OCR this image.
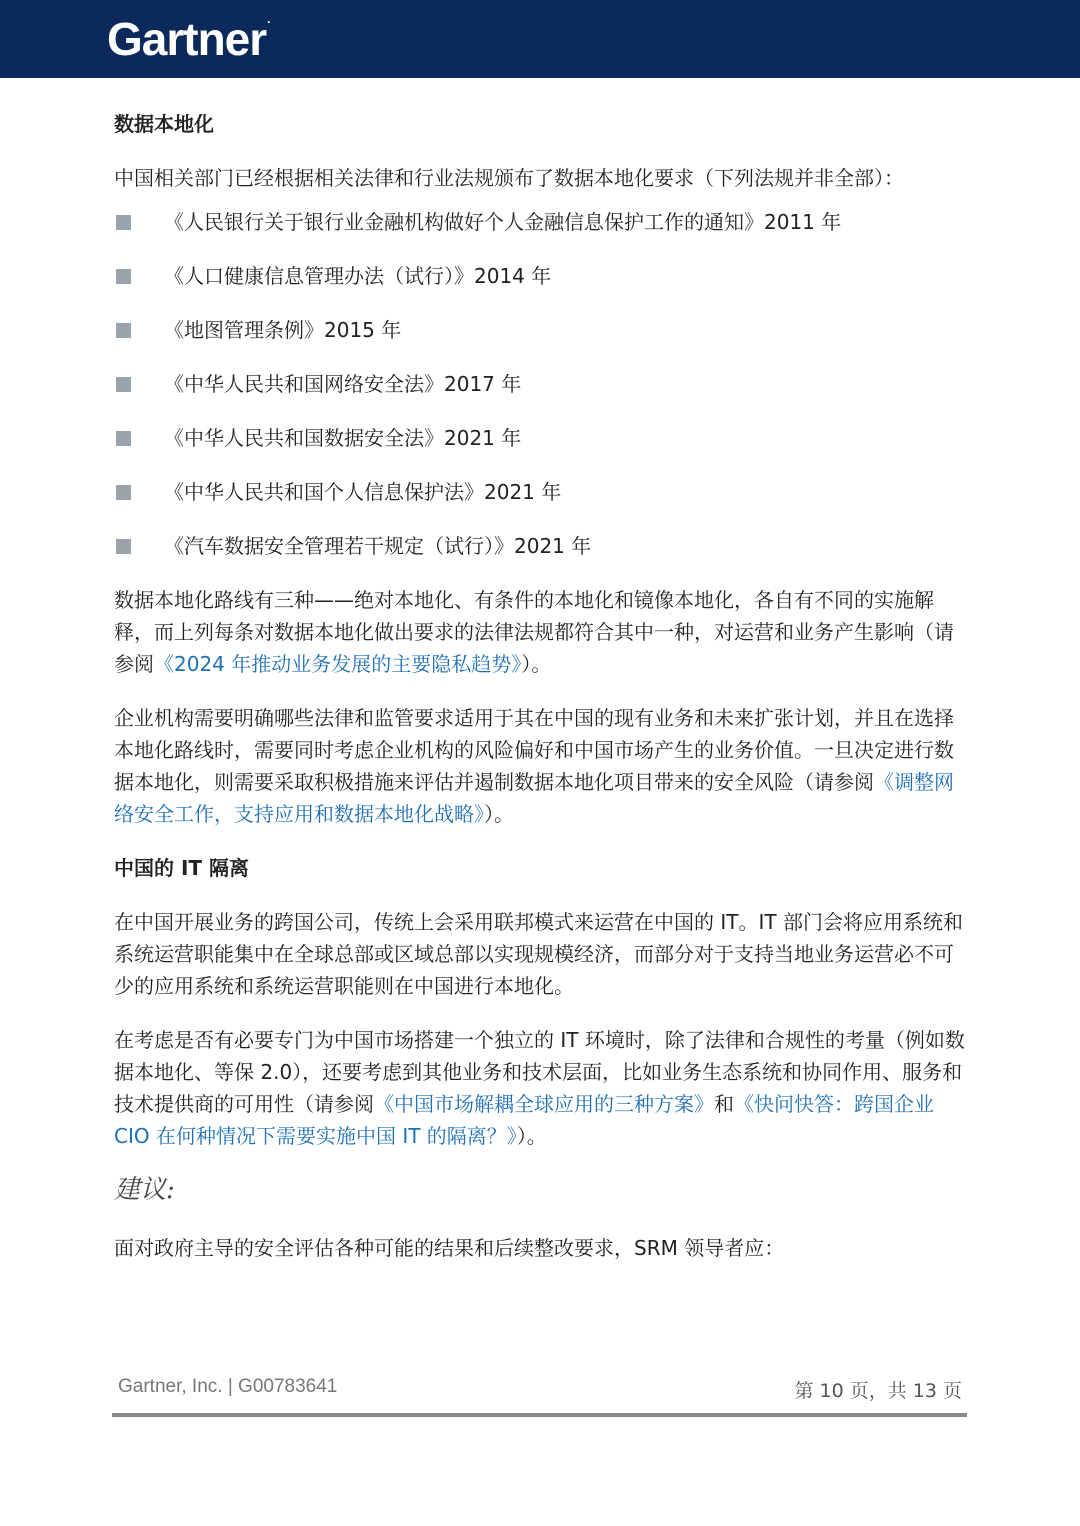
Gartner.
数据本地化

中国相关部门已经根据相关法律和行业法规颁布了数据本地化要求（下列法规并非全部）：

《人民银行关于银行业金融机构做好个人金融信息保护工作的通知》2011 年
《人口健康信息管理办法（试行）》2014 年
《地图管理条例》2015 年
《中华人民共和国网络安全法》2017 年
《中华人民共和国数据安全法》2021 年
《中华人民共和国个人信息保护法》2021 年
《汽车数据安全管理若干规定（试行）》2021 年

数据本地化路线有三种——绝对本地化、有条件的本地化和镜像本地化，各自有不同的实施解释，而上列每条对数据本地化做出要求的法律法规都符合其中一种，对运营和业务产生影响（请参阅《2024 年推动业务发展的主要隐私趋势》）。

企业机构需要明确哪些法律和监管要求适用于其在中国的现有业务和未来扩张计划，并且在选择本地化路线时，需要同时考虑企业机构的风险偏好和中国市场产生的业务价值。一旦决定进行数据本地化，则需要采取积极措施来评估并遏制数据本地化项目带来的安全风险（请参阅《调整网络安全工作，支持应用和数据本地化战略》）。

中国的 IT 隔离

在中国开展业务的跨国公司，传统上会采用联邦模式来运营在中国的 IT。IT 部门会将应用系统和系统运营职能集中在全球总部或区域总部以实现规模经济，而部分对于支持当地业务运营必不可少的应用系统和系统运营职能则在中国进行本地化。

在考虑是否有必要专门为中国市场搭建一个独立的 IT 环境时，除了法律和合规性的考量（例如数据本地化、等保 2.0），还要考虑到其他业务和技术层面，比如业务生态系统和协同作用、服务和技术提供商的可用性（请参阅《中国市场解耦全球应用的三种方案》和《快问快答：跨国企业 CIO 在何种情况下需要实施中国 IT 的隔离？》）。

建议:

面对政府主导的安全评估各种可能的结果和后续整改要求，SRM 领导者应：

Gartner, Inc. | G00783641	第 10 页，共 13 页
